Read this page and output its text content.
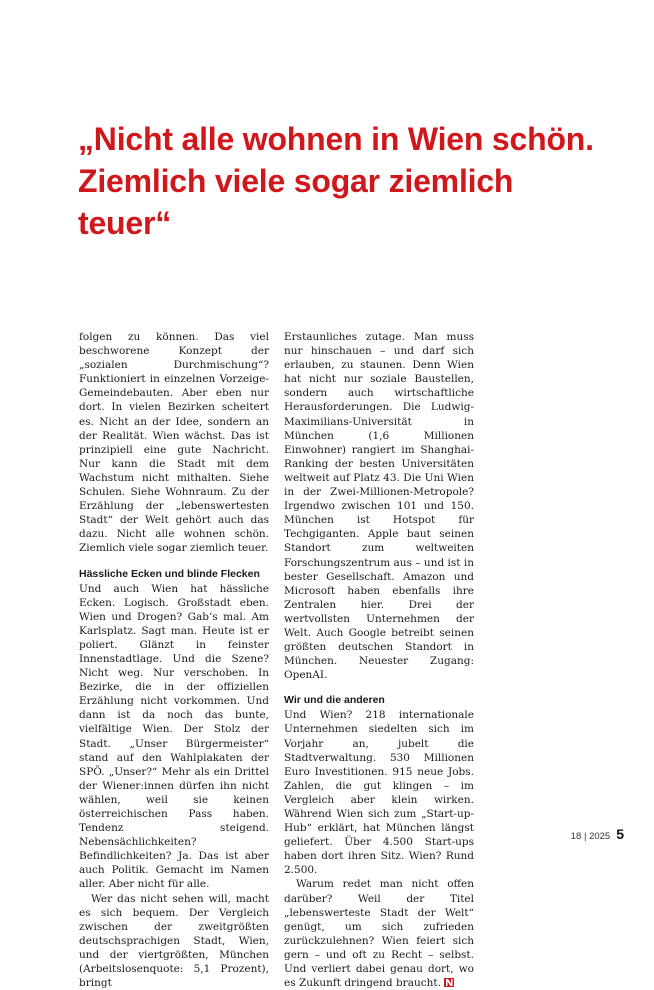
„Nicht alle wohnen in Wien schön. Ziemlich viele sogar ziemlich teuer“

folgen zu können. Das viel beschworene Konzept der „sozialen Durchmischung“? Funktioniert in einzelnen Vorzeige-Gemeindebauten. Aber eben nur dort. In vielen Bezirken scheitert es. Nicht an der Idee, sondern an der Realität. Wien wächst. Das ist prinzipiell eine gute Nachricht. Nur kann die Stadt mit dem Wachstum nicht mithalten. Siehe Schulen. Siehe Wohnraum. Zu der Erzählung der „lebenswertesten Stadt“ der Welt gehört auch das dazu. Nicht alle wohnen schön. Ziemlich viele sogar ziemlich teuer.

Hässliche Ecken und blinde Flecken

Und auch Wien hat hässliche Ecken. Logisch. Großstadt eben. Wien und Drogen? Gab’s mal. Am Karlsplatz. Sagt man. Heute ist er poliert. Glänzt in feinster Innenstadtlage. Und die Szene? Nicht weg. Nur verschoben. In Bezirke, die in der offiziellen Erzählung nicht vorkommen. Und dann ist da noch das bunte, vielfältige Wien. Der Stolz der Stadt. „Unser Bürgermeister“ stand auf den Wahlplakaten der SPÖ. „Unser?“ Mehr als ein Drittel der Wiener:innen dürfen ihn nicht wählen, weil sie keinen österreichischen Pass haben. Tendenz steigend. Nebensächlichkeiten? Befindlichkeiten? Ja. Das ist aber auch Politik. Gemacht im Namen aller. Aber nicht für alle.

Wer das nicht sehen will, macht es sich bequem. Der Vergleich zwischen der zweitgrößten deutschsprachigen Stadt, Wien, und der viertgrößten, München (Arbeitslosenquote: 5,1 Prozent), bringt

Erstaunliches zutage. Man muss nur hinschauen – und darf sich erlauben, zu staunen. Denn Wien hat nicht nur soziale Baustellen, sondern auch wirtschaftliche Herausforderungen. Die Ludwig-Maximilians-Universität in München (1,6 Millionen Einwohner) rangiert im Shanghai-Ranking der besten Universitäten weltweit auf Platz 43. Die Uni Wien in der Zwei-Millionen-Metropole? Irgendwo zwischen 101 und 150. München ist Hotspot für Techgiganten. Apple baut seinen Standort zum weltweiten Forschungszentrum aus – und ist in bester Gesellschaft. Amazon und Microsoft haben ebenfalls ihre Zentralen hier. Drei der wertvollsten Unternehmen der Welt. Auch Google betreibt seinen größten deutschen Standort in München. Neuester Zugang: OpenAI.

Wir und die anderen

Und Wien? 218 internationale Unternehmen siedelten sich im Vorjahr an, jubelt die Stadtverwaltung. 530 Millionen Euro Investitionen. 915 neue Jobs. Zahlen, die gut klingen – im Vergleich aber klein wirken. Während Wien sich zum „Start-up-Hub“ erklärt, hat München längst geliefert. Über 4.500 Start-ups haben dort ihren Sitz. Wien? Rund 2.500.

Warum redet man nicht offen darüber? Weil der Titel „lebenswerteste Stadt der Welt“ genügt, um sich zufrieden zurückzulehnen? Wien feiert sich gern – und oft zu Recht – selbst. Und verliert dabei genau dort, wo es Zukunft dringend braucht.

18 | 2025 5
